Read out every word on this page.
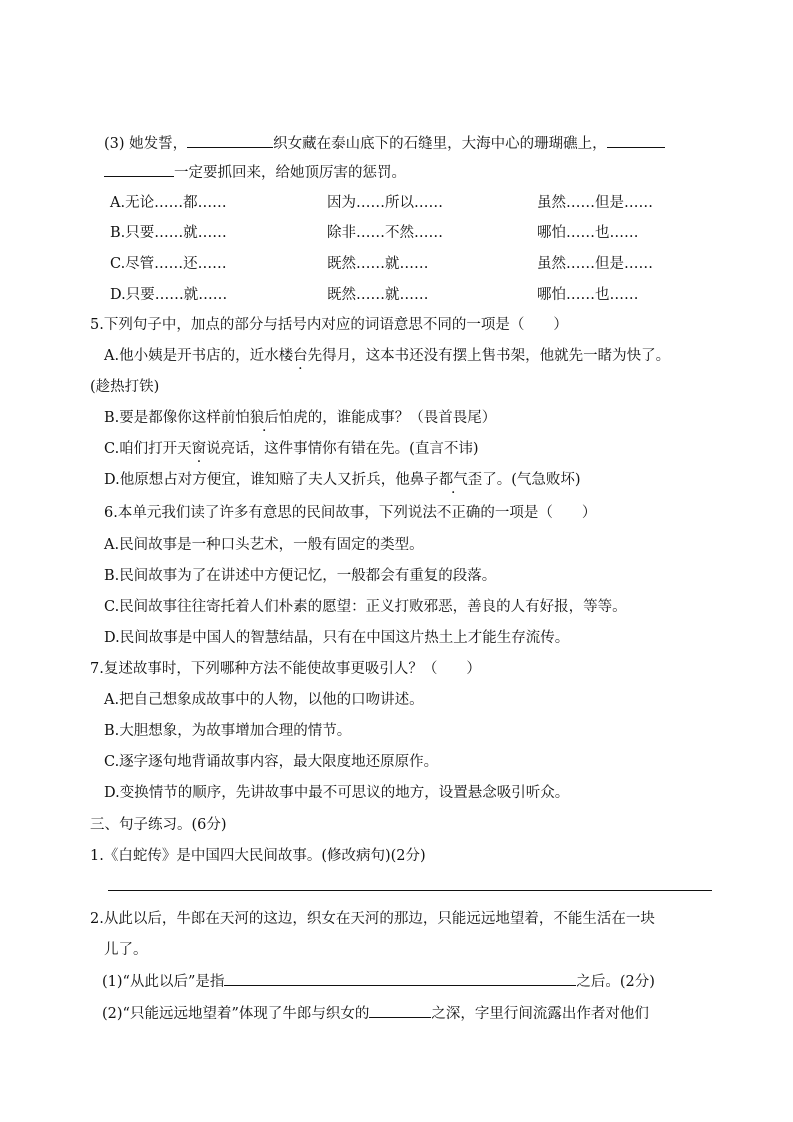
(3) 她发誓，	织女藏在泰山底下的石缝里，大海中心的珊瑚礁上，
一定要抓回来，给她顶厉害的惩罚。
A.无论……都……	因为……所以……	虽然……但是……
B.只要……就……	除非……不然……	哪怕……也……
C.尽管……还……	既然……就……	虽然……但是……
D.只要……就……	既然……就……	哪怕……也……
5.下列句子中，加点的部分与括号内对应的词语意思不同的一项是（　　）
A.他小姨是开书店的，近水楼台先得月 ·，这本书还没有摆上售书架，他就先一睹为快了。
(趁热打铁)
B.要是都像你这样前怕狼后怕虎 ·的，谁能成事？（畏首畏尾）
C.咱们打开天窗说亮话 ·，这件事情你有错在先。(直言不讳)
D.他原想占对方便宜，谁知赔了夫人又折兵，他鼻子都气歪了 ·。(气急败坏)
6.本单元我们读了许多有意思的民间故事，下列说法不正确的一项是（　　）
A.民间故事是一种口头艺术，一般有固定的类型。
B.民间故事为了在讲述中方便记忆，一般都会有重复的段落。
C.民间故事往往寄托着人们朴素的愿望：正义打败邪恶，善良的人有好报，等等。
D.民间故事是中国人的智慧结晶，只有在中国这片热土上才能生存流传。
7.复述故事时，下列哪种方法不能使故事更吸引人？（　　）
A.把自己想象成故事中的人物，以他的口吻讲述。
B.大胆想象，为故事增加合理的情节。
C.逐字逐句地背诵故事内容，最大限度地还原原作。
D.变换情节的顺序，先讲故事中最不可思议的地方，设置悬念吸引听众。
三、句子练习。(6分)
1.《白蛇传》是中国四大民间故事。(修改病句)(2分)
2.从此以后，牛郎在天河的这边，织女在天河的那边，只能远远地望着，不能生活在一块
儿了。
(1)“从此以后”是指	之后。(2分)
(2)“只能远远地望着”体现了牛郎与织女的	之深，字里行间流露出作者对他们
